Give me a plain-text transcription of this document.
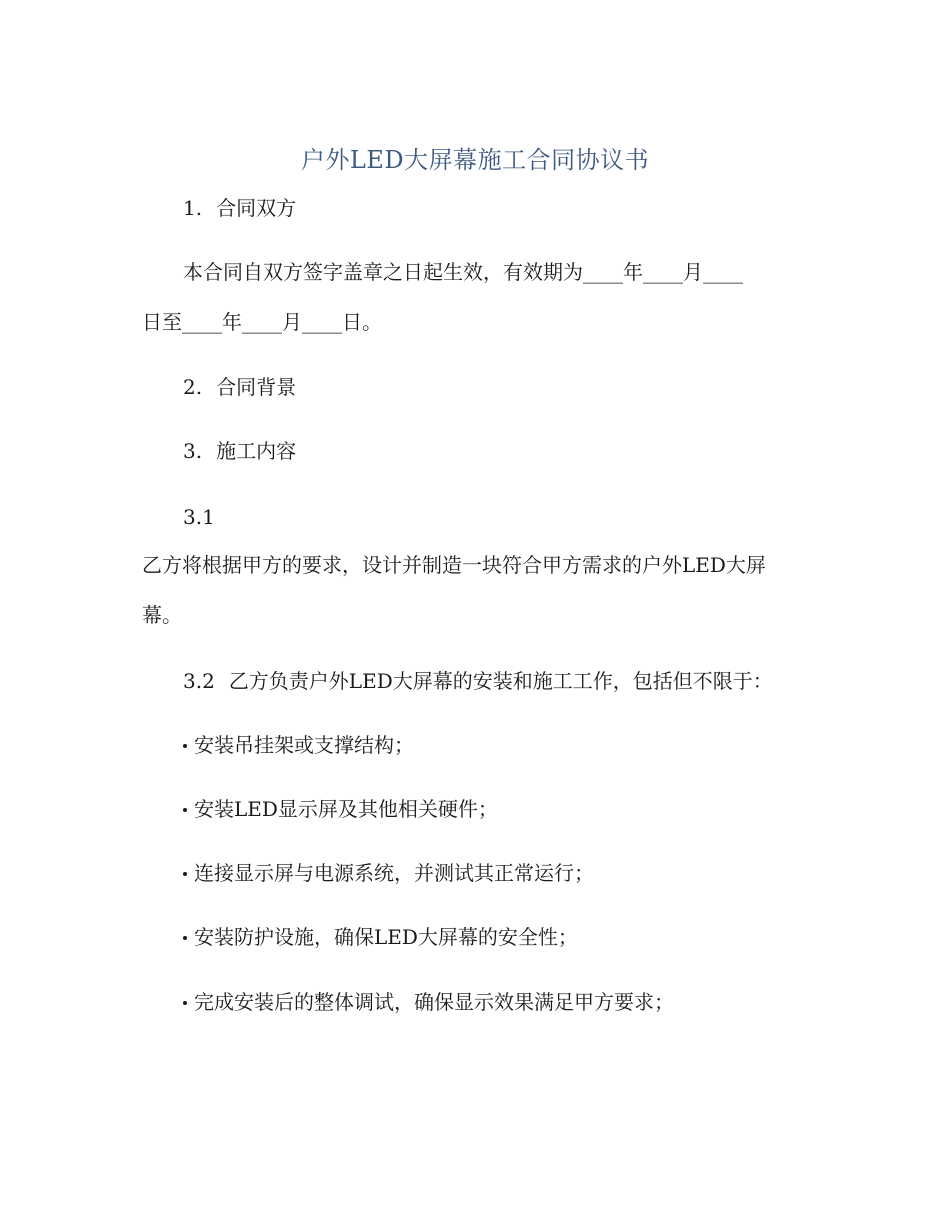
户外LED大屏幕施工合同协议书
1. 合同双方
本合同自双方签字盖章之日起生效，有效期为____年____月____
日至____年____月____日。
2. 合同背景
3. 施工内容
3.1
乙方将根据甲方的要求，设计并制造一块符合甲方需求的户外LED大屏
幕。
3.2 乙方负责户外LED大屏幕的安装和施工工作，包括但不限于：
安装吊挂架或支撑结构；
安装LED显示屏及其他相关硬件；
连接显示屏与电源系统，并测试其正常运行；
安装防护设施，确保LED大屏幕的安全性；
完成安装后的整体调试，确保显示效果满足甲方要求；
